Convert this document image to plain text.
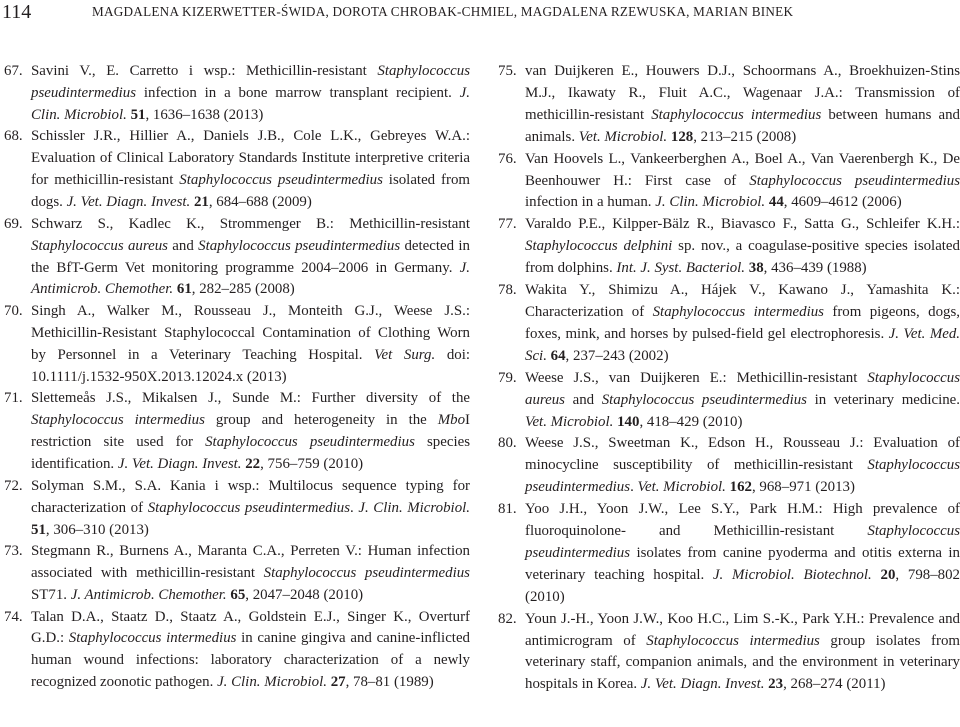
114	MAGDALENA KIZERWETTER-ŚWIDA, DOROTA CHROBAK-CHMIEL, MAGDALENA RZEWUSKA, MARIAN BINEK
67. Savini V., E. Carretto i wsp.: Methicillin-resistant Staphylococcus pseudintermedius infection in a bone marrow transplant recipient. J. Clin. Microbiol. 51, 1636–1638 (2013)
68. Schissler J.R., Hillier A., Daniels J.B., Cole L.K., Gebreyes W.A.: Evaluation of Clinical Laboratory Standards Institute interpretive criteria for methicillin-resistant Staphylococcus pseudintermedius isolated from dogs. J. Vet. Diagn. Invest. 21, 684–688 (2009)
69. Schwarz S., Kadlec K., Strommenger B.: Methicillin-resistant Staphylococcus aureus and Staphylococcus pseudintermedius detected in the BfT-Germ Vet monitoring programme 2004–2006 in Germany. J. Antimicrob. Chemother. 61, 282–285 (2008)
70. Singh A., Walker M., Rousseau J., Monteith G.J., Weese J.S.: Methicillin-Resistant Staphylococcal Contamination of Clothing Worn by Personnel in a Veterinary Teaching Hospital. Vet Surg. doi: 10.1111/j.1532-950X.2013.12024.x (2013)
71. Slettemeås J.S., Mikalsen J., Sunde M.: Further diversity of the Staphylococcus intermedius group and heterogeneity in the MboI restriction site used for Staphylococcus pseudintermedius species identification. J. Vet. Diagn. Invest. 22, 756–759 (2010)
72. Solyman S.M., S.A. Kania i wsp.: Multilocus sequence typing for characterization of Staphylococcus pseudintermedius. J. Clin. Microbiol. 51, 306–310 (2013)
73. Stegmann R., Burnens A., Maranta C.A., Perreten V.: Human infection associated with methicillin-resistant Staphylococcus pseudintermedius ST71. J. Antimicrob. Chemother. 65, 2047–2048 (2010)
74. Talan D.A., Staatz D., Staatz A., Goldstein E.J., Singer K., Overturf G.D.: Staphylococcus intermedius in canine gingiva and canine-inflicted human wound infections: laboratory characterization of a newly recognized zoonotic pathogen. J. Clin. Microbiol. 27, 78–81 (1989)
75. van Duijkeren E., Houwers D.J., Schoormans A., Broekhuizen-Stins M.J., Ikawaty R., Fluit A.C., Wagenaar J.A.: Transmission of methicillin-resistant Staphylococcus intermedius between humans and animals. Vet. Microbiol. 128, 213–215 (2008)
76. Van Hoovels L., Vankeerberghen A., Boel A., Van Vaerenbergh K., De Beenhouwer H.: First case of Staphylococcus pseudintermedius infection in a human. J. Clin. Microbiol. 44, 4609–4612 (2006)
77. Varaldo P.E., Kilpper-Bälz R., Biavasco F., Satta G., Schleifer K.H.: Staphylococcus delphini sp. nov., a coagulase-positive species isolated from dolphins. Int. J. Syst. Bacteriol. 38, 436–439 (1988)
78. Wakita Y., Shimizu A., Hájek V., Kawano J., Yamashita K.: Characterization of Staphylococcus intermedius from pigeons, dogs, foxes, mink, and horses by pulsed-field gel electrophoresis. J. Vet. Med. Sci. 64, 237–243 (2002)
79. Weese J.S., van Duijkeren E.: Methicillin-resistant Staphylococcus aureus and Staphylococcus pseudintermedius in veterinary medicine. Vet. Microbiol. 140, 418–429 (2010)
80. Weese J.S., Sweetman K., Edson H., Rousseau J.: Evaluation of minocycline susceptibility of methicillin-resistant Staphylococcus pseudintermedius. Vet. Microbiol. 162, 968–971 (2013)
81. Yoo J.H., Yoon J.W., Lee S.Y., Park H.M.: High prevalence of fluoroquinolone- and Methicillin-resistant Staphylococcus pseudintermedius isolates from canine pyoderma and otitis externa in veterinary teaching hospital. J. Microbiol. Biotechnol. 20, 798–802 (2010)
82. Youn J.-H., Yoon J.W., Koo H.C., Lim S.-K., Park Y.H.: Prevalence and antimicrogram of Staphylococcus intermedius group isolates from veterinary staff, companion animals, and the environment in veterinary hospitals in Korea. J. Vet. Diagn. Invest. 23, 268–274 (2011)
